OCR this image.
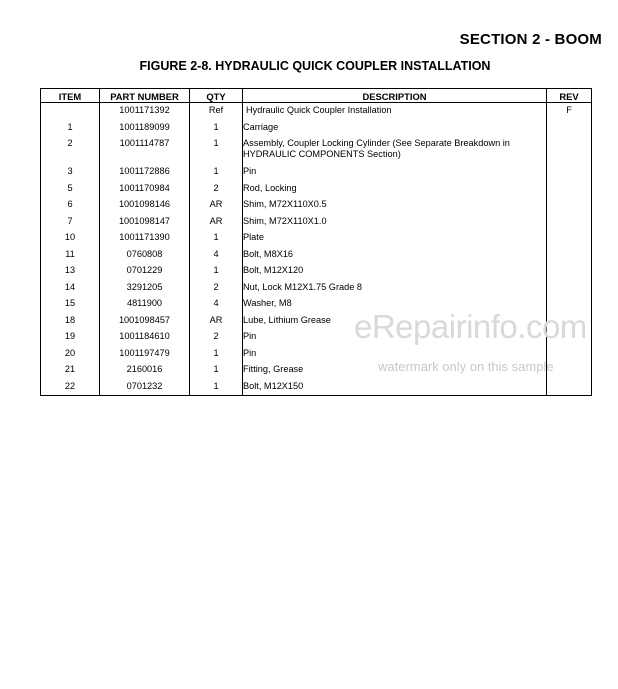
SECTION 2 - BOOM
FIGURE 2-8. HYDRAULIC QUICK COUPLER INSTALLATION
ITEM	PART NUMBER	QTY	DESCRIPTION	REV
	1001171392	Ref	Hydraulic Quick Coupler Installation	F
1	1001189099	1	Carriage	
2	1001114787	1	Assembly, Coupler Locking Cylinder (See Separate Breakdown in HYDRAULIC COMPONENTS Section)	
3	1001172886	1	Pin	
5	1001170984	2	Rod, Locking	
6	1001098146	AR	Shim, M72X110X0.5	
7	1001098147	AR	Shim, M72X110X1.0	
10	1001171390	1	Plate	
11	0760808	4	Bolt, M8X16	
13	0701229	1	Bolt, M12X120	
14	3291205	2	Nut, Lock M12X1.75 Grade 8	
15	4811900	4	Washer, M8	
18	1001098457	AR	Lube, Lithium Grease	
19	1001184610	2	Pin	
20	1001197479	1	Pin	
21	2160016	1	Fitting, Grease	
22	0701232	1	Bolt, M12X150	
eRepairinfo.com
watermark only on this sample
